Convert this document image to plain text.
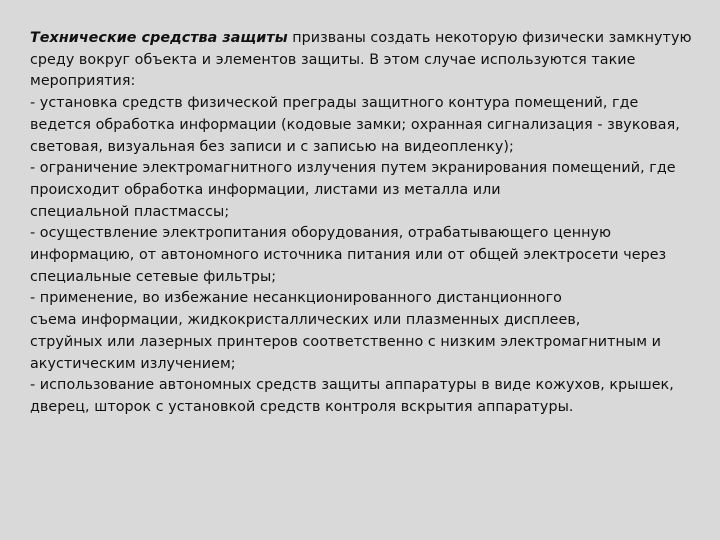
Технические средства защиты призваны создать некоторую физически замкнутую
среду вокруг объекта и элементов защиты. В этом случае используются такие
мероприятия:
- установка средств физической преграды защитного контура помещений, где
ведется обработка информации (кодовые замки; охранная сигнализация - звуковая,
световая, визуальная без записи и с записью на видеопленку);
- ограничение электромагнитного излучения путем экранирования помещений, где
происходит обработка информации, листами из металла или
специальной пластмассы;
- осуществление электропитания оборудования, отрабатывающего ценную
информацию, от автономного источника питания или от общей электросети через
специальные сетевые фильтры;
- применение, во избежание несанкционированного дистанционного
съема информации, жидкокристаллических или плазменных дисплеев,
струйных или лазерных принтеров соответственно с низким электромагнитным и
акустическим излучением;
- использование автономных средств защиты аппаратуры в виде кожухов, крышек,
дверец, шторок с установкой средств контроля вскрытия аппаратуры.
